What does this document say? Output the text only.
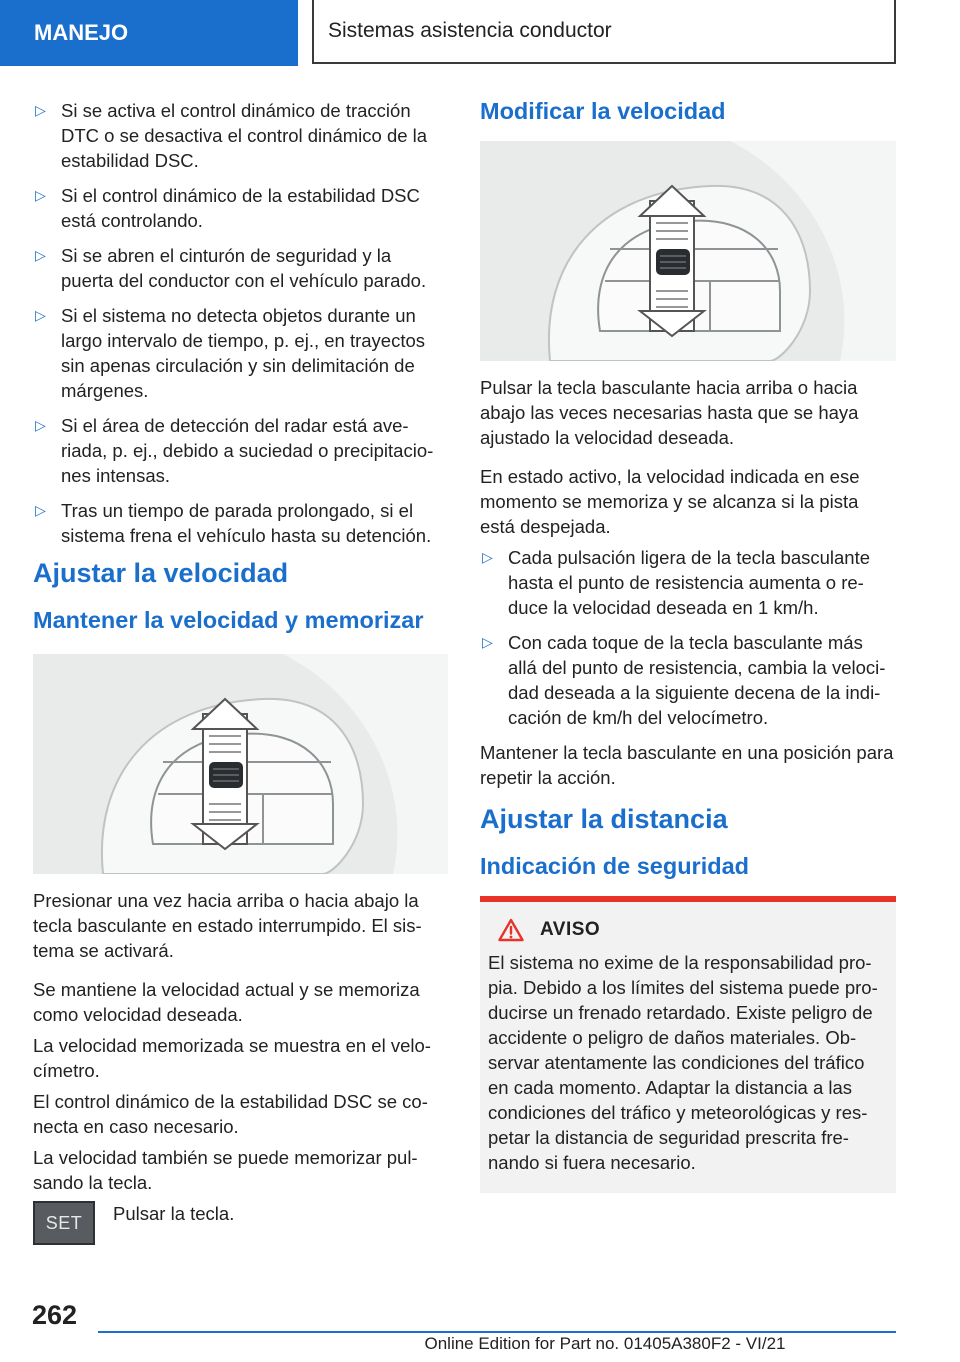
MANEJO	Sistemas asistencia conductor
▷ Si se activa el control dinámico de tracción DTC o se desactiva el control dinámico de la estabilidad DSC.
▷ Si el control dinámico de la estabilidad DSC está controlando.
▷ Si se abren el cinturón de seguridad y la puerta del conductor con el vehículo parado.
▷ Si el sistema no detecta objetos durante un largo intervalo de tiempo, p. ej., en trayectos sin apenas circulación y sin delimitación de márgenes.
▷ Si el área de detección del radar está ave-riada, p. ej., debido a suciedad o precipitacio-nes intensas.
▷ Tras un tiempo de parada prolongado, si el sistema frena el vehículo hasta su detención.
Ajustar la velocidad
Mantener la velocidad y memorizar

Presionar una vez hacia arriba o hacia abajo la tecla basculante en estado interrumpido. El sis-tema se activará.

Se mantiene la velocidad actual y se memoriza como velocidad deseada.

La velocidad memorizada se muestra en el velo-címetro.

El control dinámico de la estabilidad DSC se co-necta en caso necesario.

La velocidad también se puede memorizar pul-sando la tecla.

SET Pulsar la tecla.

Modificar la velocidad

Pulsar la tecla basculante hacia arriba o hacia abajo las veces necesarias hasta que se haya ajustado la velocidad deseada.

En estado activo, la velocidad indicada en ese momento se memoriza y se alcanza si la pista está despejada.

▷ Cada pulsación ligera de la tecla basculante hasta el punto de resistencia aumenta o re-duce la velocidad deseada en 1 km/h.
▷ Con cada toque de la tecla basculante más allá del punto de resistencia, cambia la veloci-dad deseada a la siguiente decena de la indi-cación de km/h del velocímetro.

Mantener la tecla basculante en una posición para repetir la acción.

Ajustar la distancia
Indicación de seguridad
AVISO

El sistema no exime de la responsabilidad pro-pia. Debido a los límites del sistema puede pro-ducirse un frenado retardado. Existe peligro de accidente o peligro de daños materiales. Ob-servar atentamente las condiciones del tráfico en cada momento. Adaptar la distancia a las condiciones del tráfico y meteorológicas y res-petar la distancia de seguridad prescrita fre-nando si fuera necesario.

262
Online Edition for Part no. 01405A380F2 - VI/21
